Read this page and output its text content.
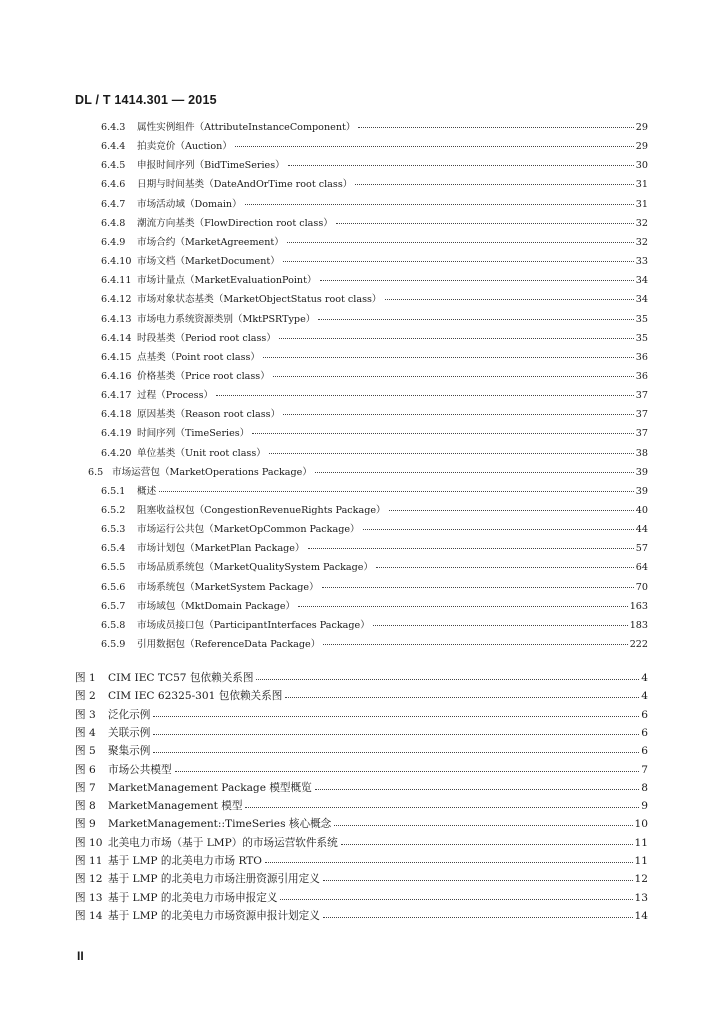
DL / T 1414.301 — 2015
6.4.3	属性实例组件（AttributeInstanceComponent）	29
6.4.4	拍卖竞价（Auction）	29
6.4.5	申报时间序列（BidTimeSeries）	30
6.4.6	日期与时间基类（DateAndOrTime root class）	31
6.4.7	市场活动域（Domain）	31
6.4.8	潮流方向基类（FlowDirection root class）	32
6.4.9	市场合约（MarketAgreement）	32
6.4.10 市场文档（MarketDocument）	33
6.4.11 市场计量点（MarketEvaluationPoint）	34
6.4.12 市场对象状态基类（MarketObjectStatus root class）	34
6.4.13 市场电力系统资源类别（MktPSRType）	35
6.4.14 时段基类（Period root class）	35
6.4.15 点基类（Point root class）	36
6.4.16 价格基类（Price root class）	36
6.4.17 过程（Process）	37
6.4.18 原因基类（Reason root class）	37
6.4.19 时间序列（TimeSeries）	37
6.4.20 单位基类（Unit root class）	38
6.5 市场运营包（MarketOperations Package）	39
6.5.1	概述	39
6.5.2	阻塞收益权包（CongestionRevenueRights Package）	40
6.5.3	市场运行公共包（MarketOpCommon Package）	44
6.5.4	市场计划包（MarketPlan Package）	57
6.5.5	市场品质系统包（MarketQualitySystem Package）	64
6.5.6	市场系统包（MarketSystem Package）	70
6.5.7	市场域包（MktDomain Package）	163
6.5.8	市场成员接口包（ParticipantInterfaces Package）	183
6.5.9	引用数据包（ReferenceData Package）	222
图 1	CIM IEC TC57 包依赖关系图	4
图 2	CIM IEC 62325-301 包依赖关系图	4
图 3	泛化示例	6
图 4	关联示例	6
图 5	聚集示例	6
图 6	市场公共模型	7
图 7	MarketManagement Package 模型概览	8
图 8	MarketManagement 模型	9
图 9	MarketManagement::TimeSeries 核心概念	10
图 10 北美电力市场（基于 LMP）的市场运营软件系统	11
图 11 基于 LMP 的北美电力市场 RTO	11
图 12 基于 LMP 的北美电力市场注册资源引用定义	12
图 13 基于 LMP 的北美电力市场申报定义	13
图 14 基于 LMP 的北美电力市场资源申报计划定义	14
II
